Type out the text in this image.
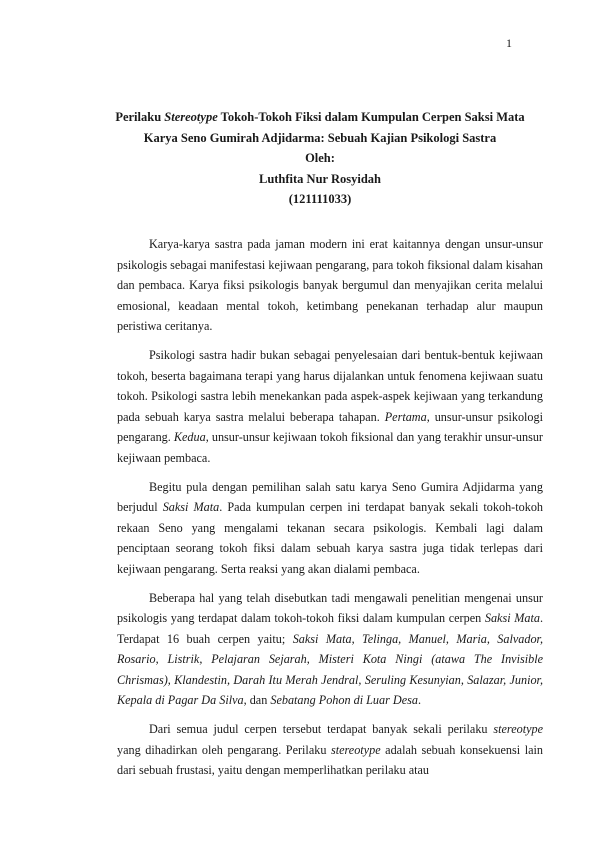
1
Perilaku Stereotype Tokoh-Tokoh Fiksi dalam Kumpulan Cerpen Saksi Mata
Karya Seno Gumirah Adjidarma: Sebuah Kajian Psikologi Sastra
Oleh:
Luthfita Nur Rosyidah
(121111033)

Karya-karya sastra pada jaman modern ini erat kaitannya dengan unsur-unsur psikologis sebagai manifestasi kejiwaan pengarang, para tokoh fiksional dalam kisahan dan pembaca. Karya fiksi psikologis banyak bergumul dan menyajikan cerita melalui emosional, keadaan mental tokoh, ketimbang penekanan terhadap alur maupun peristiwa ceritanya.

Psikologi sastra hadir bukan sebagai penyelesaian dari bentuk-bentuk kejiwaan tokoh, beserta bagaimana terapi yang harus dijalankan untuk fenomena kejiwaan suatu tokoh. Psikologi sastra lebih menekankan pada aspek-aspek kejiwaan yang terkandung pada sebuah karya sastra melalui beberapa tahapan. Pertama, unsur-unsur psikologi pengarang. Kedua, unsur-unsur kejiwaan tokoh fiksional dan yang terakhir unsur-unsur kejiwaan pembaca.

Begitu pula dengan pemilihan salah satu karya Seno Gumira Adjidarma yang berjudul Saksi Mata. Pada kumpulan cerpen ini terdapat banyak sekali tokoh-tokoh rekaan Seno yang mengalami tekanan secara psikologis. Kembali lagi dalam penciptaan seorang tokoh fiksi dalam sebuah karya sastra juga tidak terlepas dari kejiwaan pengarang. Serta reaksi yang akan dialami pembaca.

Beberapa hal yang telah disebutkan tadi mengawali penelitian mengenai unsur psikologis yang terdapat dalam tokoh-tokoh fiksi dalam kumpulan cerpen Saksi Mata. Terdapat 16 buah cerpen yaitu; Saksi Mata, Telinga, Manuel, Maria, Salvador, Rosario, Listrik, Pelajaran Sejarah, Misteri Kota Ningi (atawa The Invisible Chrismas), Klandestin, Darah Itu Merah Jendral, Seruling Kesunyian, Salazar, Junior, Kepala di Pagar Da Silva, dan Sebatang Pohon di Luar Desa.

Dari semua judul cerpen tersebut terdapat banyak sekali perilaku stereotype yang dihadirkan oleh pengarang. Perilaku stereotype adalah sebuah konsekuensi lain dari sebuah frustasi, yaitu dengan memperlihatkan perilaku atau
